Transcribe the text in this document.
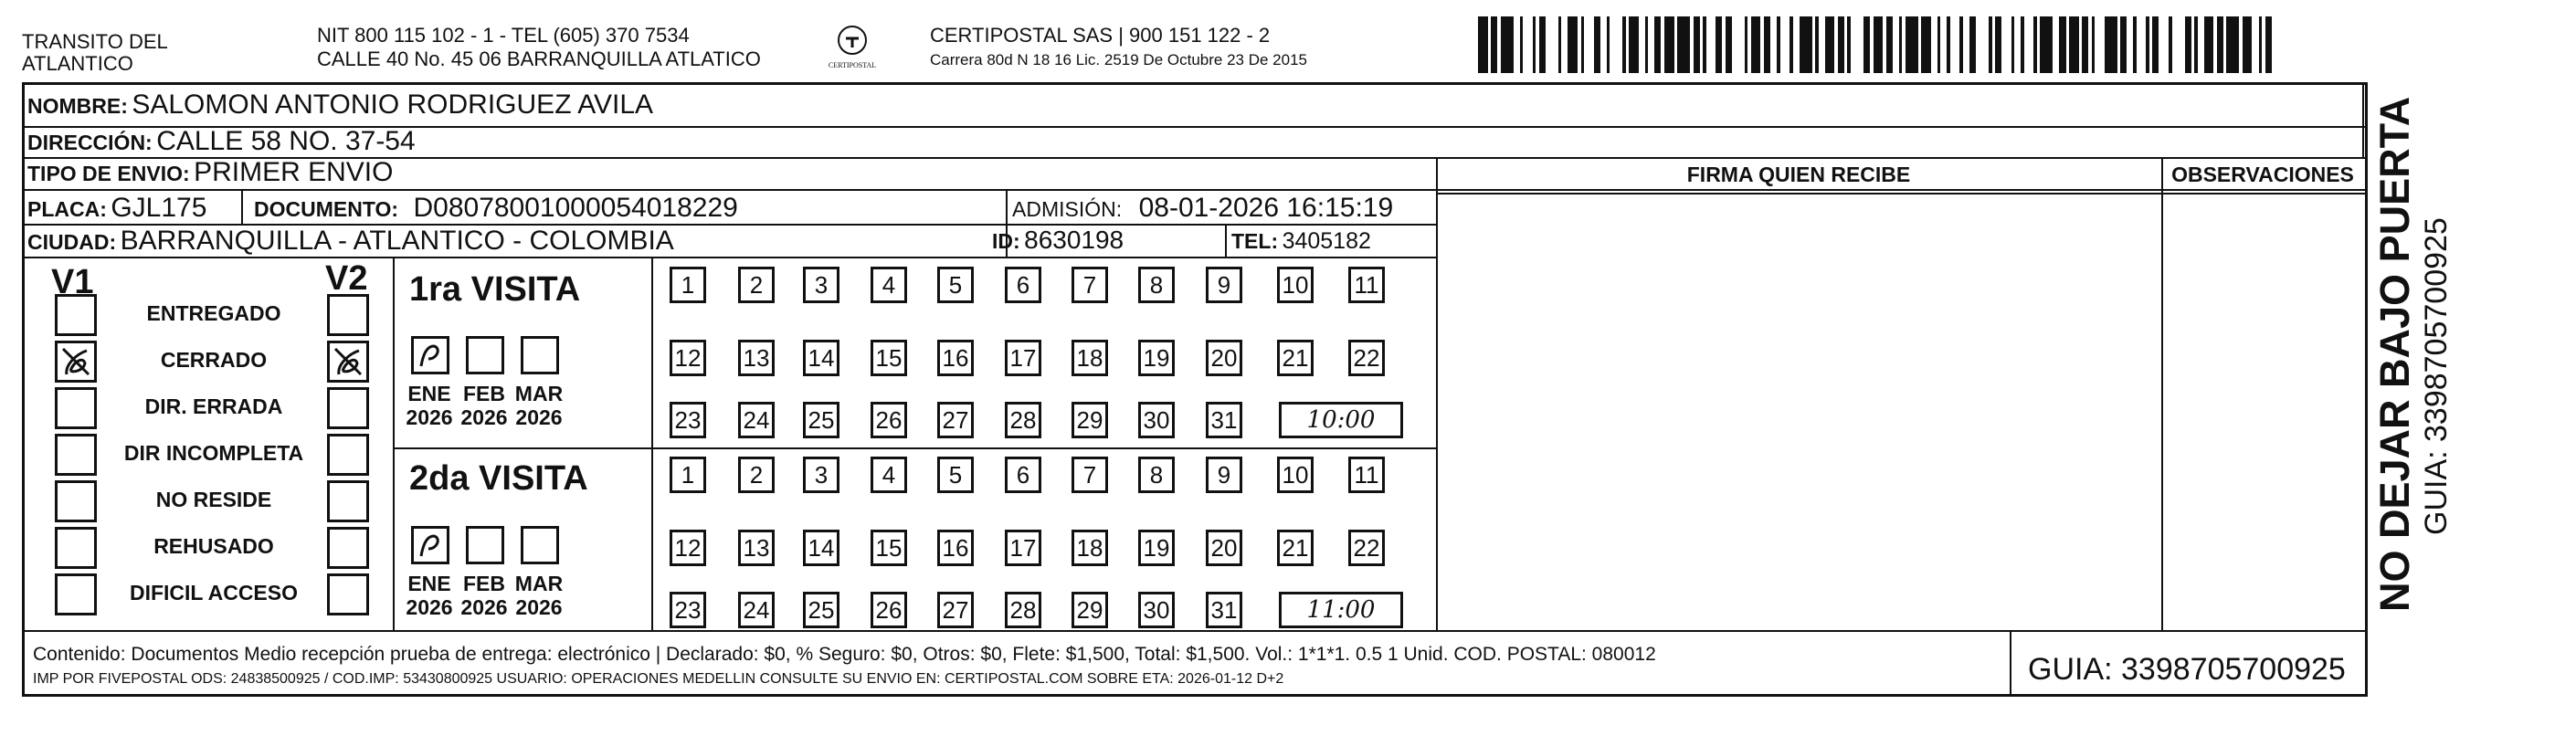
TRANSITO DEL
ATLANTICO
NIT 800 115 102 - 1 - TEL (605) 370 7534
CALLE 40 No. 45 06 BARRANQUILLA ATLATICO	CERTIPOSTAL
CERTIPOSTAL SAS | 900 151 122 - 2
Carrera 80d N 18 16 Lic. 2519 De Octubre 23 De 2015
NOMBRE: SALOMON ANTONIO RODRIGUEZ AVILA
DIRECCIÓN: CALLE 58 NO. 37-54
TIPO DE ENVIO: PRIMER ENVIO	FIRMA QUIEN RECIBE	OBSERVACIONES
PLACA: GJL175 DOCUMENTO: D08078001000054018229	ADMISIÓN: 08-01-2026 16:15:19
CIUDAD: BARRANQUILLA - ATLANTICO - COLOMBIA	ID: 8630198	TEL: 3405182
V1	V2
ENTREGADO
CERRADO
DIR. ERRADA
DIR INCOMPLETA
NO RESIDE
REHUSADO
DIFICIL ACCESO
1ra VISITA
2da VISITA
ENE
2026
FEB
2026
MAR
2026
1	2	3	4	5	6	7	8	9	10 11
12 13 14 15 16 17 18 19 20 21 22
23 24 25 26 27 28 29 30 31	10:00
ENE
2026
FEB
2026
MAR
2026
1	2	3	4	5	6	7	8	9	10 11
12 13 14 15 16 17 18 19 20 21 22
23 24 25 26 27 28 29 30 31	11:00
Contenido: Documentos Medio recepción prueba de entrega: electrónico | Declarado: $0, % Seguro: $0, Otros: $0, Flete: $1,500, Total: $1,500. Vol.: 1*1*1. 0.5 1 Unid. COD. POSTAL: 080012
IMP POR FIVEPOSTAL ODS: 24838500925 / COD.IMP: 53430800925 USUARIO: OPERACIONES MEDELLIN CONSULTE SU ENVIO EN: CERTIPOSTAL.COM SOBRE ETA: 2026-01-12 D+2	GUIA: 3398705700925
NO DEJAR BAJO PUERTA GUIA: 3398705700925
